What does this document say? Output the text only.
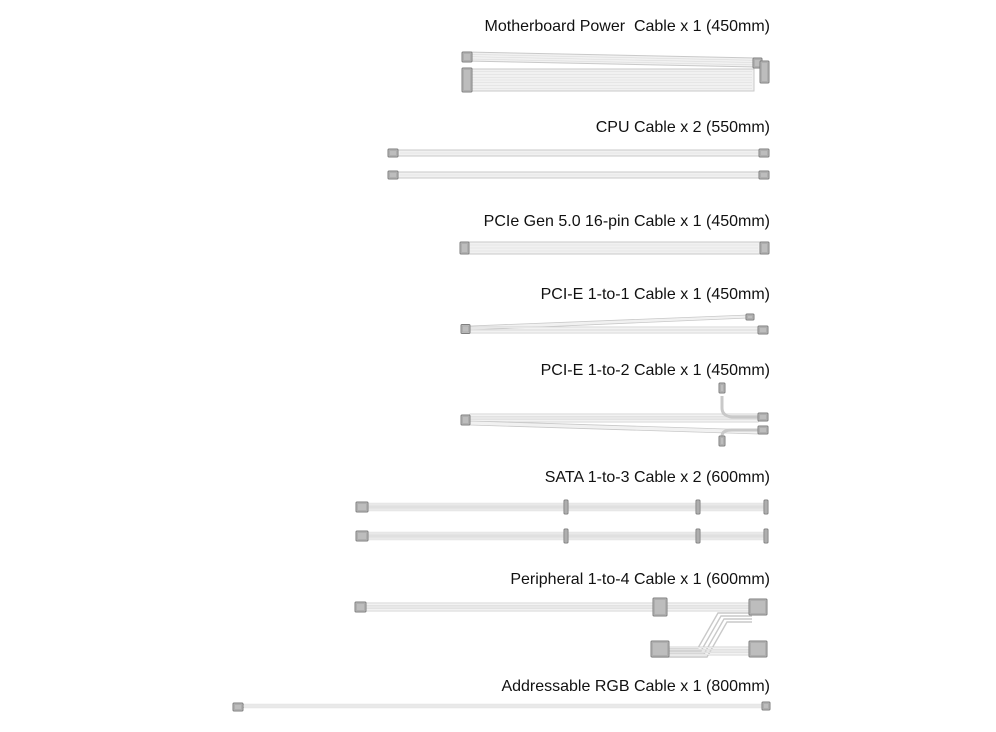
Motherboard Power  Cable x 1 (450mm)
CPU Cable x 2 (550mm)
PCIe Gen 5.0 16-pin Cable x 1 (450mm)
PCI-E 1-to-1 Cable x 1 (450mm)
PCI-E 1-to-2 Cable x 1 (450mm)
SATA 1-to-3 Cable x 2 (600mm)
Peripheral 1-to-4 Cable x 1 (600mm)
Addressable RGB Cable x 1 (800mm)
